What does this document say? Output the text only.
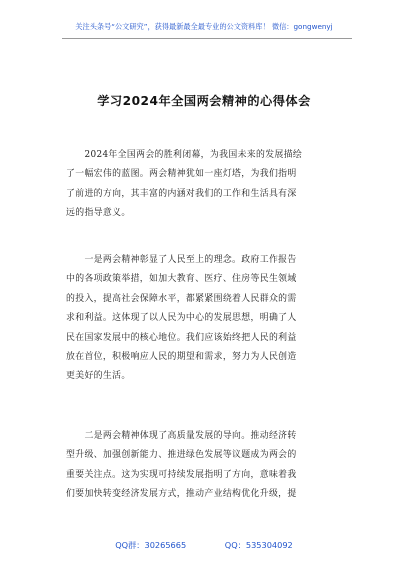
关注头条号“公文研究”，获得最新最全最专业的公文资料库！ 微信：gongwenyj
学习2024年全国两会精神的心得体会
　　2024年全国两会的胜利闭幕，为我国未来的发展描绘
了一幅宏伟的蓝图。两会精神犹如一座灯塔，为我们指明
了前进的方向，其丰富的内涵对我们的工作和生活具有深
远的指导意义。
　　一是两会精神彰显了人民至上的理念。政府工作报告
中的各项政策举措，如加大教育、医疗、住房等民生领域
的投入，提高社会保障水平，都紧紧围绕着人民群众的需
求和利益。这体现了以人民为中心的发展思想，明确了人
民在国家发展中的核心地位。我们应该始终把人民的利益
放在首位，积极响应人民的期望和需求，努力为人民创造
更美好的生活。
　　二是两会精神体现了高质量发展的导向。推动经济转
型升级、加强创新能力、推进绿色发展等议题成为两会的
重要关注点。这为实现可持续发展指明了方向，意味着我
们要加快转变经济发展方式，推动产业结构优化升级，提
QQ群：30265665	QQ：535304092
